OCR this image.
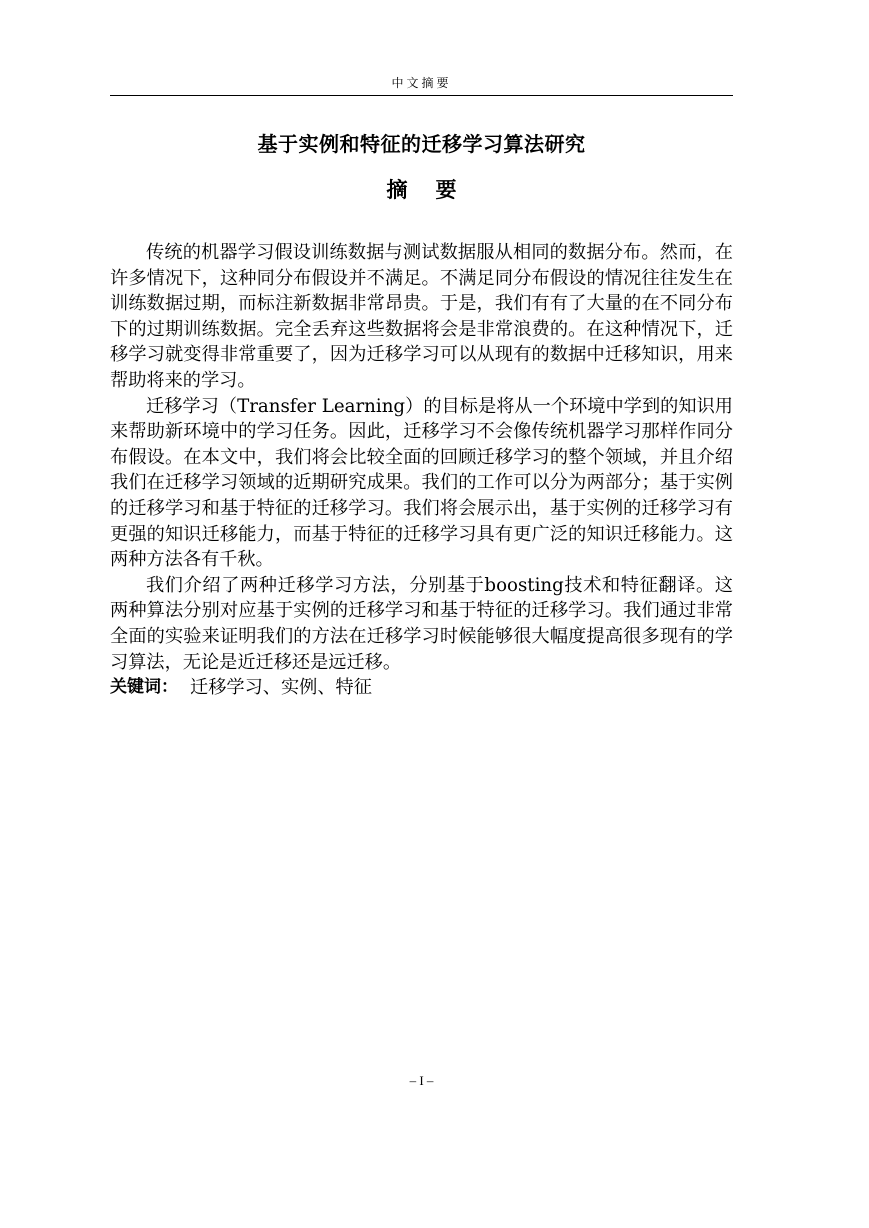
中文摘要
基于实例和特征的迁移学习算法研究
摘要

传统的机器学习假设训练数据与测试数据服从相同的数据分布。然而，在许多情况下，这种同分布假设并不满足。不满足同分布假设的情况往往发生在训练数据过期，而标注新数据非常昂贵。于是，我们有有了大量的在不同分布下的过期训练数据。完全丢弃这些数据将会是非常浪费的。在这种情况下，迁移学习就变得非常重要了，因为迁移学习可以从现有的数据中迁移知识，用来帮助将来的学习。

迁移学习（Transfer Learning）的目标是将从一个环境中学到的知识用来帮助新环境中的学习任务。因此，迁移学习不会像传统机器学习那样作同分布假设。在本文中，我们将会比较全面的回顾迁移学习的整个领域，并且介绍我们在迁移学习领域的近期研究成果。我们的工作可以分为两部分；基于实例的迁移学习和基于特征的迁移学习。我们将会展示出，基于实例的迁移学习有更强的知识迁移能力，而基于特征的迁移学习具有更广泛的知识迁移能力。这两种方法各有千秋。

我们介绍了两种迁移学习方法，分别基于boosting技术和特征翻译。这两种算法分别对应基于实例的迁移学习和基于特征的迁移学习。我们通过非常全面的实验来证明我们的方法在迁移学习时候能够很大幅度提高很多现有的学习算法，无论是近迁移还是远迁移。

关键词： 迁移学习、实例、特征
– I –
